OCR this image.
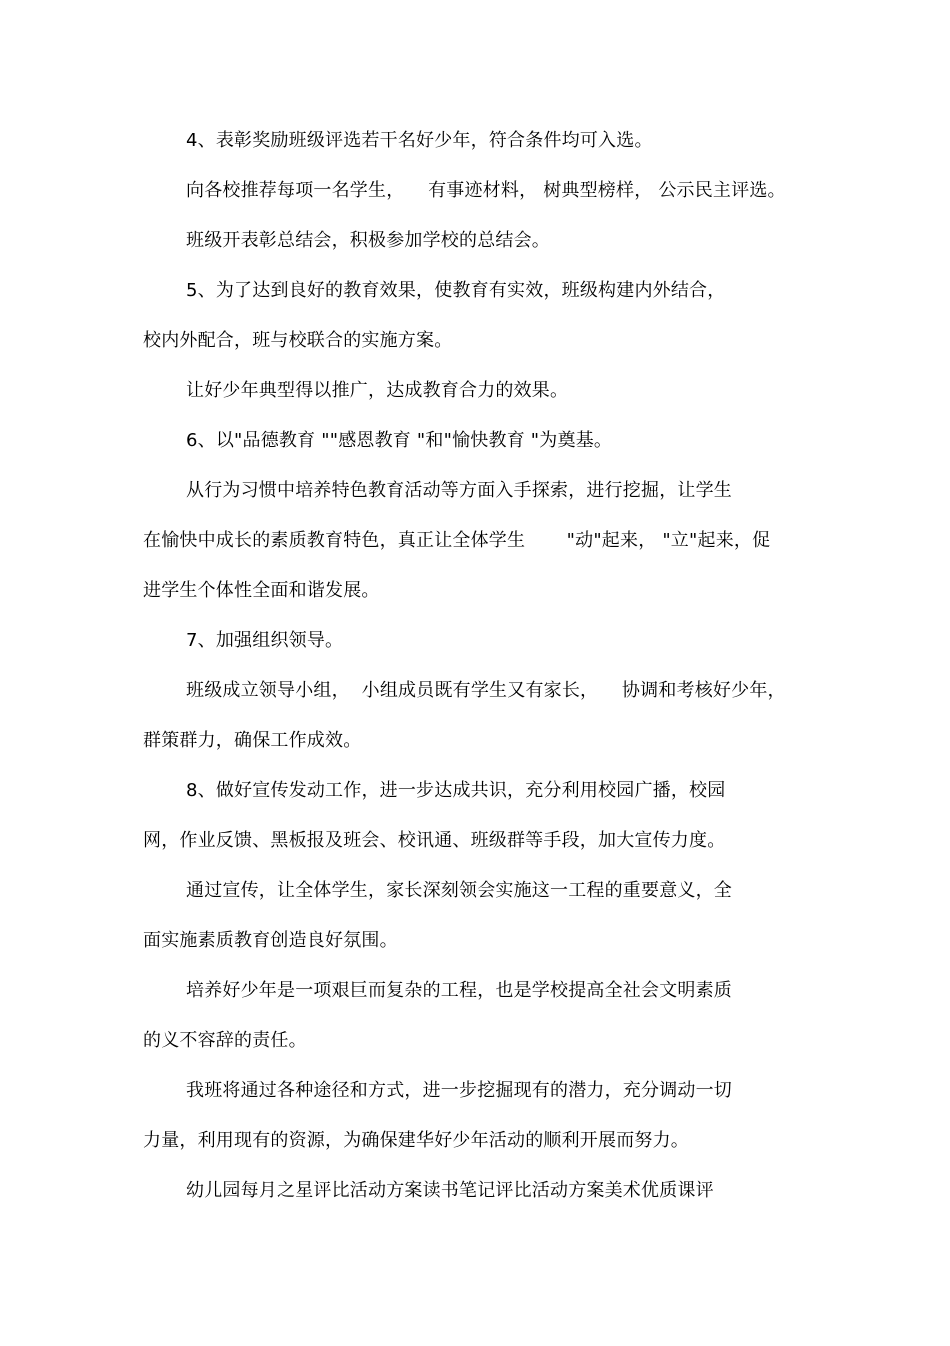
4、表彰奖励班级评选若干名好少年，符合条件均可入选。
向各校推荐每项一名学生，    有事迹材料， 树典型榜样， 公示民主评选。
班级开表彰总结会，积极参加学校的总结会。
5、为了达到良好的教育效果，使教育有实效，班级构建内外结合，
校内外配合，班与校联合的实施方案。
让好少年典型得以推广，达成教育合力的效果。
6、以"品德教育 ""感恩教育 "和"愉快教育 "为奠基。
从行为习惯中培养特色教育活动等方面入手探索，进行挖掘，让学生
在愉快中成长的素质教育特色，真正让全体学生       "动"起来， "立"起来，促
进学生个体性全面和谐发展。
7、加强组织领导。
班级成立领导小组，  小组成员既有学生又有家长，    协调和考核好少年，
群策群力，确保工作成效。
8、做好宣传发动工作，进一步达成共识，充分利用校园广播，校园
网，作业反馈、黑板报及班会、校讯通、班级群等手段，加大宣传力度。
通过宣传，让全体学生，家长深刻领会实施这一工程的重要意义，全
面实施素质教育创造良好氛围。
培养好少年是一项艰巨而复杂的工程，也是学校提高全社会文明素质
的义不容辞的责任。
我班将通过各种途径和方式，进一步挖掘现有的潜力，充分调动一切
力量，利用现有的资源，为确保建华好少年活动的顺利开展而努力。
幼儿园每月之星评比活动方案读书笔记评比活动方案美术优质课评
